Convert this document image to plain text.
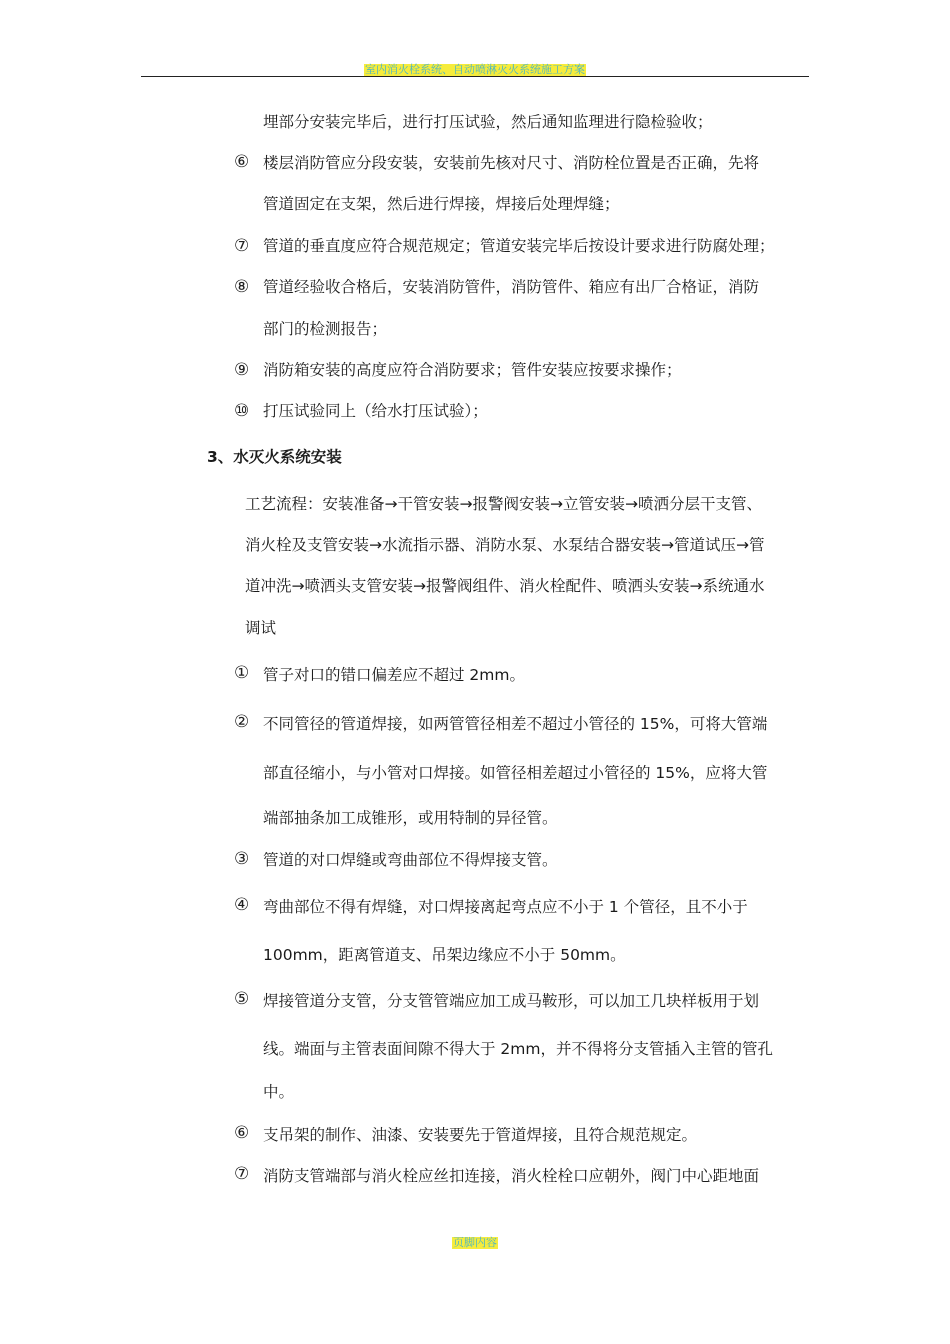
室内消火栓系统、自动喷淋灭火系统施工方案
埋部分安装完毕后，进行打压试验，然后通知监理进行隐检验收；
⑥ 楼层消防管应分段安装，安装前先核对尺寸、消防栓位置是否正确，先将
管道固定在支架，然后进行焊接，焊接后处理焊缝；
⑦ 管道的垂直度应符合规范规定；管道安装完毕后按设计要求进行防腐处理；
⑧ 管道经验收合格后，安装消防管件，消防管件、箱应有出厂合格证，消防
部门的检测报告；
⑨ 消防箱安装的高度应符合消防要求；管件安装应按要求操作；
⑩ 打压试验同上（给水打压试验）；
3、水灭火系统安装
工艺流程：安装准备→干管安装→报警阀安装→立管安装→喷洒分层干支管、
消火栓及支管安装→水流指示器、消防水泵、水泵结合器安装→管道试压→管
道冲洗→喷洒头支管安装→报警阀组件、消火栓配件、喷洒头安装→系统通水
调试
① 管子对口的错口偏差应不超过 2mm。
② 不同管径的管道焊接，如两管管径相差不超过小管径的 15%，可将大管端
部直径缩小，与小管对口焊接。如管径相差超过小管径的 15%，应将大管
端部抽条加工成锥形，或用特制的异径管。
③ 管道的对口焊缝或弯曲部位不得焊接支管。
④ 弯曲部位不得有焊缝，对口焊接离起弯点应不小于 1 个管径，且不小于
100mm，距离管道支、吊架边缘应不小于 50mm。
⑤ 焊接管道分支管，分支管管端应加工成马鞍形，可以加工几块样板用于划
线。端面与主管表面间隙不得大于 2mm，并不得将分支管插入主管的管孔
中。
⑥ 支吊架的制作、油漆、安装要先于管道焊接，且符合规范规定。
⑦ 消防支管端部与消火栓应丝扣连接，消火栓栓口应朝外，阀门中心距地面
页脚内容
